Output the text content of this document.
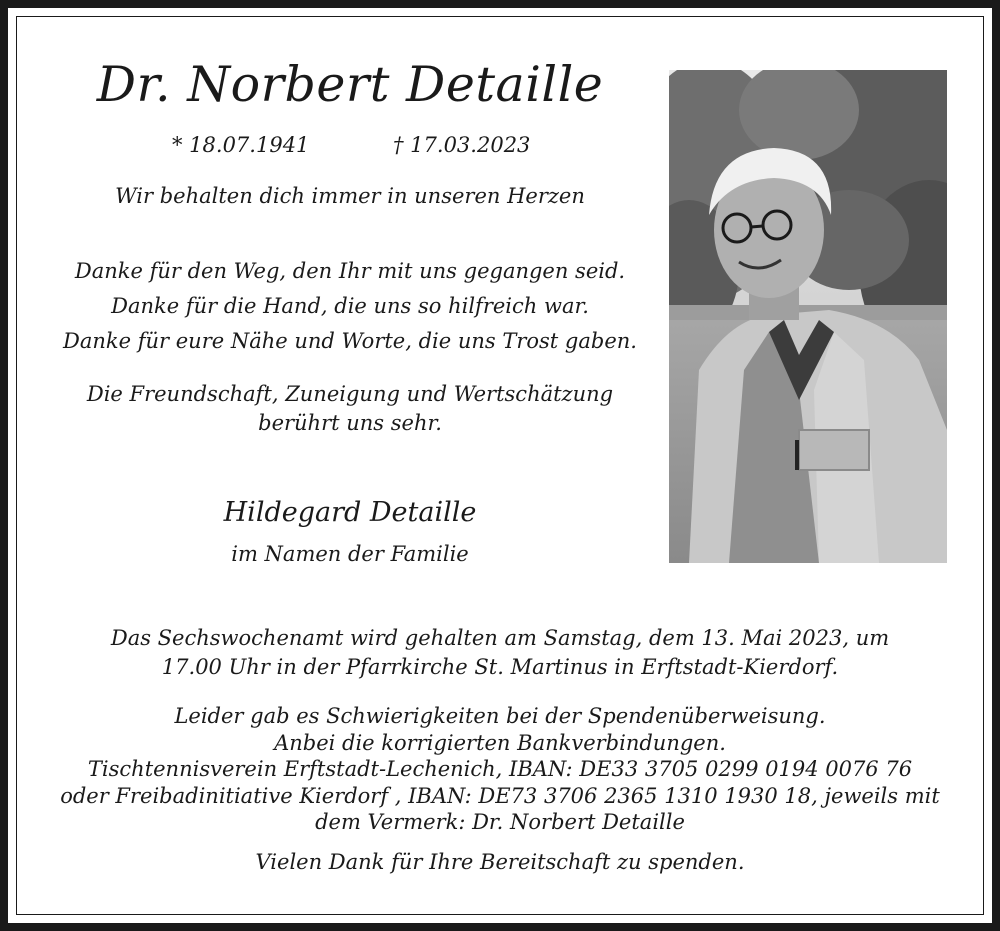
Dr. Norbert Detaille
* 18.07.1941	† 17.03.2023
Wir behalten dich immer in unseren Herzen
Danke für den Weg, den Ihr mit uns gegangen seid.
Danke für die Hand, die uns so hilfreich war.
Danke für eure Nähe und Worte, die uns Trost gaben.
Die Freundschaft, Zuneigung und Wertschätzung
berührt uns sehr.
Hildegard Detaille
im Namen der Familie
Das Sechswochenamt wird gehalten am Samstag, dem 13. Mai 2023, um
17.00 Uhr in der Pfarrkirche St. Martinus in Erftstadt-Kierdorf.
Leider gab es Schwierigkeiten bei der Spendenüberweisung.
Anbei die korrigierten Bankverbindungen.
Tischtennisverein Erftstadt-Lechenich, IBAN: DE33 3705 0299 0194 0076 76
oder Freibadinitiative Kierdorf , IBAN: DE73 3706 2365 1310 1930 18, jeweils mit
dem Vermerk: Dr. Norbert Detaille
Vielen Dank für Ihre Bereitschaft zu spenden.
